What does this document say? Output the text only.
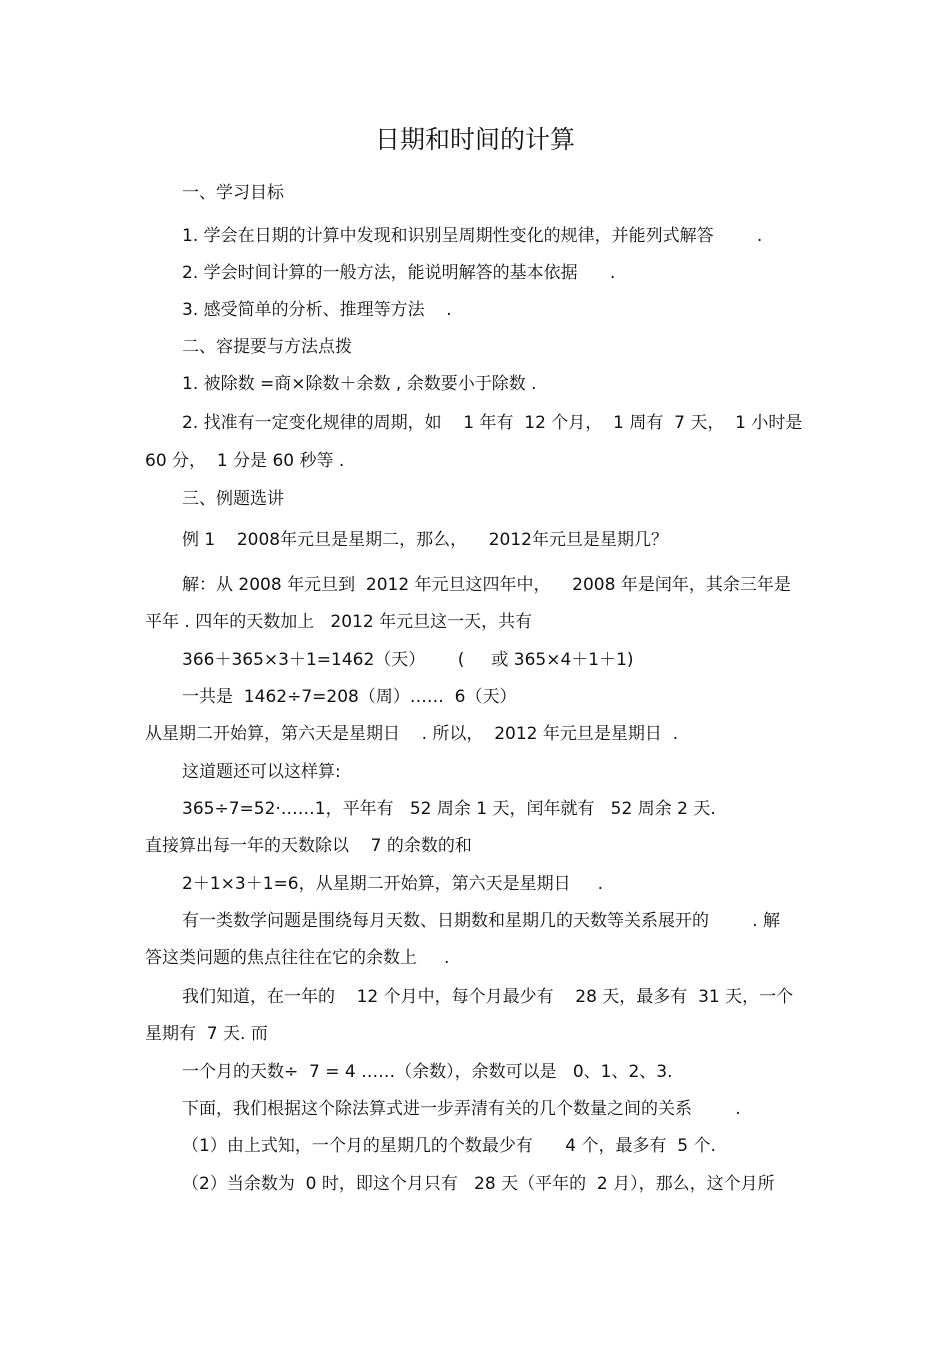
日期和时间的计算
一、学习目标
1. 学会在日期的计算中发现和识别呈周期性变化的规律，并能列式解答        .
2. 学会时间计算的一般方法，能说明解答的基本依据      .
3. 感受简单的分析、推理等方法    .
二、容提要与方法点拨
1. 被除数 =商×除数＋余数 , 余数要小于除数 .
2. 找准有一定变化规律的周期，如    1 年有  12 个月，  1 周有  7 天，  1 小时是
60 分，  1 分是 60 秒等 .
三、例题选讲
例 1    2008年元旦是星期二，那么，    2012年元旦是星期几？
解：从 2008 年元旦到  2012 年元旦这四年中，    2008 年是闰年，其余三年是
平年 . 四年的天数加上   2012 年元旦这一天，共有
366＋365×3＋1=1462（天）      (     或 365×4＋1＋1)
一共是  1462÷7=208（周）……  6（天）
从星期二开始算，第六天是星期日    . 所以，  2012 年元旦是星期日  .
这道题还可以这样算:
365÷7=52·……1，平年有   52 周余 1 天，闰年就有   52 周余 2 天.
直接算出每一年的天数除以    7 的余数的和
2＋1×3＋1=6，从星期二开始算，第六天是星期日     .
有一类数学问题是围绕每月天数、日期数和星期几的天数等关系展开的        . 解
答这类问题的焦点往往在它的余数上     .
我们知道，在一年的    12 个月中，每个月最少有    28 天，最多有  31 天，一个
星期有  7 天. 而
一个月的天数÷  7 = 4 ……（余数），余数可以是   0、1、2、3.
下面，我们根据这个除法算式进一步弄清有关的几个数量之间的关系        .
（1）由上式知，一个月的星期几的个数最少有      4 个，最多有  5 个.
（2）当余数为  0 时，即这个月只有   28 天（平年的  2 月），那么，这个月所
